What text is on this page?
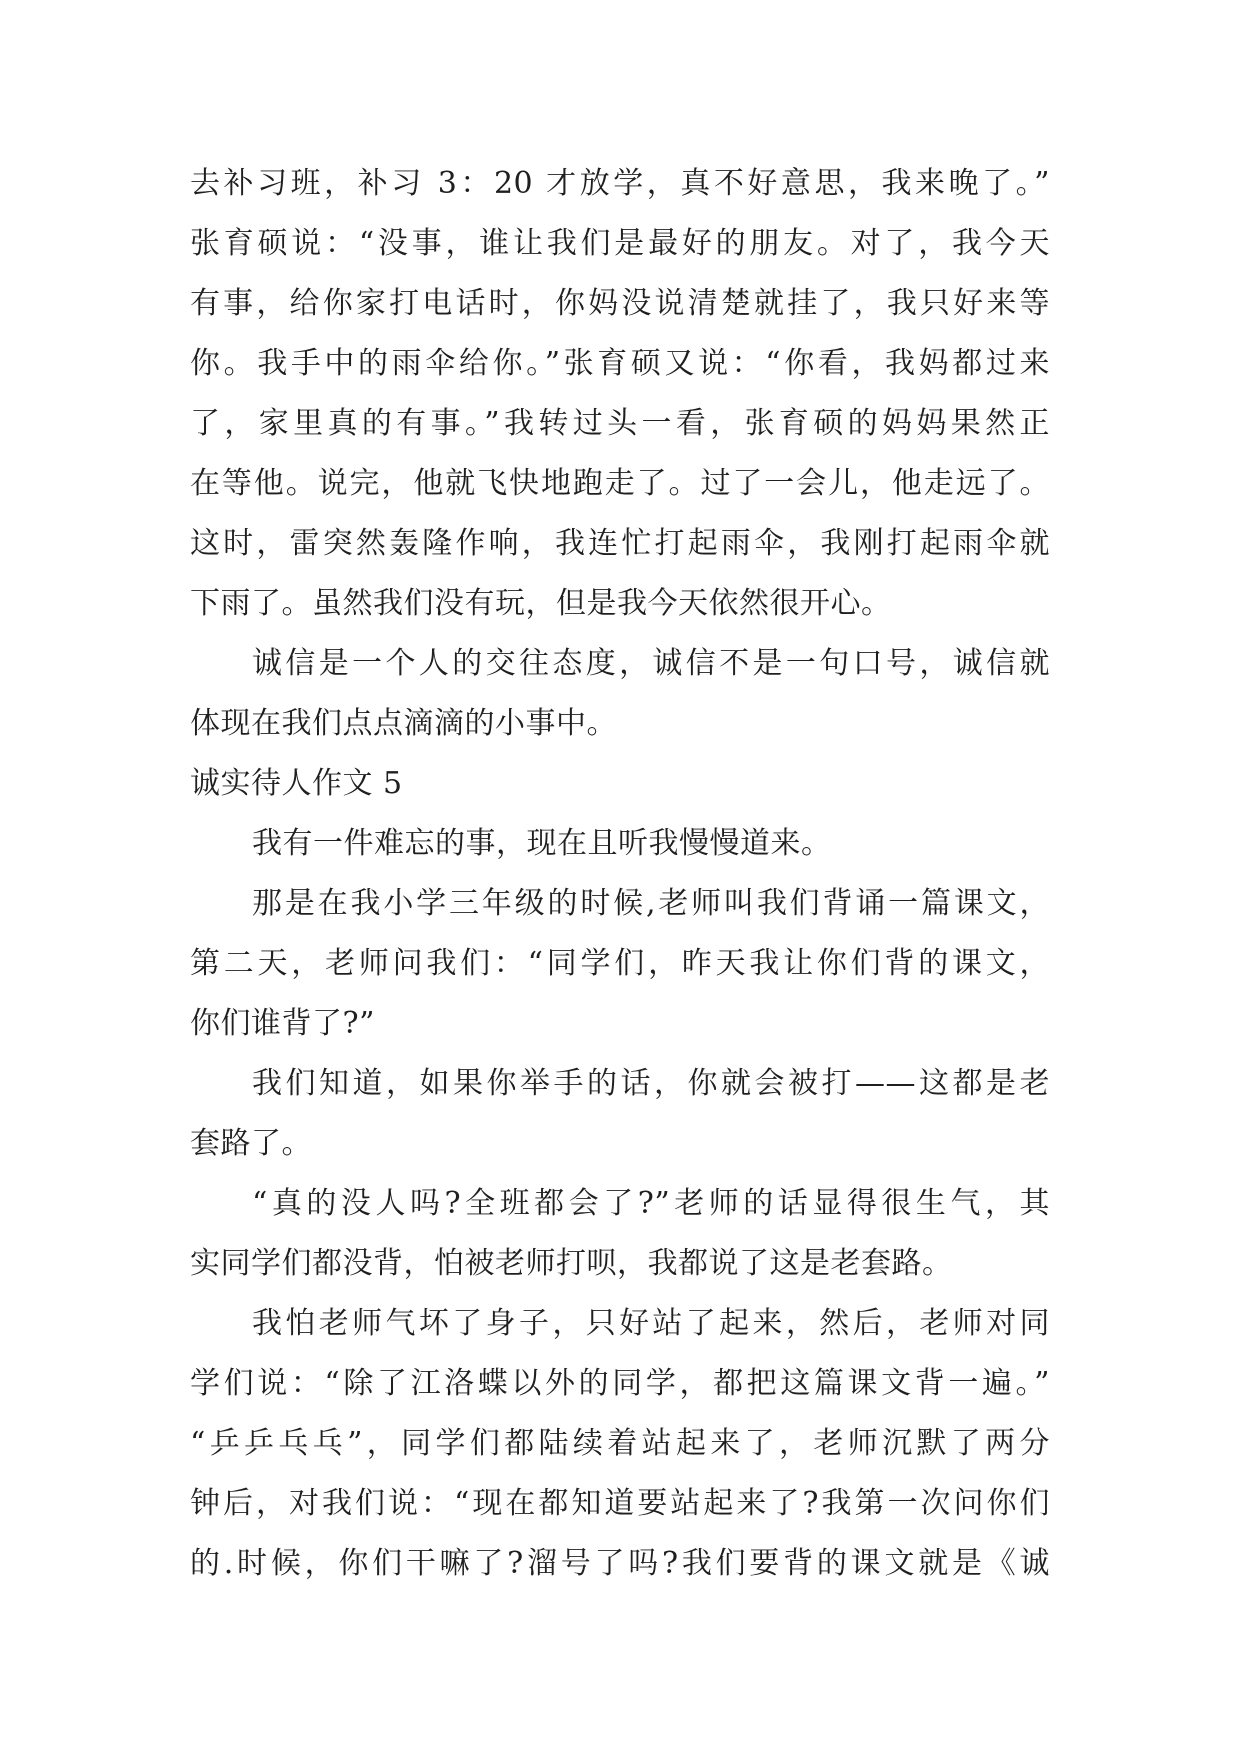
去补习班，补习 3：20 才放学，真不好意思，我来晚了。”
张育硕说：“没事，谁让我们是最好的朋友。对了，我今天
有事，给你家打电话时，你妈没说清楚就挂了，我只好来等
你。我手中的雨伞给你。”张育硕又说：“你看，我妈都过来
了，家里真的有事。”我转过头一看，张育硕的妈妈果然正
在等他。说完，他就飞快地跑走了。过了一会儿，他走远了。
这时，雷突然轰隆作响，我连忙打起雨伞，我刚打起雨伞就
下雨了。虽然我们没有玩，但是我今天依然很开心。
诚信是一个人的交往态度，诚信不是一句口号，诚信就
体现在我们点点滴滴的小事中。
诚实待人作文 5
我有一件难忘的事，现在且听我慢慢道来。
那是在我小学三年级的时候,老师叫我们背诵一篇课文，
第二天，老师问我们：“同学们，昨天我让你们背的课文，
你们谁背了?”
我们知道，如果你举手的话，你就会被打——这都是老
套路了。
“真的没人吗?全班都会了?”老师的话显得很生气，其
实同学们都没背，怕被老师打呗，我都说了这是老套路。
我怕老师气坏了身子，只好站了起来，然后，老师对同
学们说：“除了江洛蝶以外的同学，都把这篇课文背一遍。”
“乒乒乓乓”，同学们都陆续着站起来了，老师沉默了两分
钟后，对我们说：“现在都知道要站起来了?我第一次问你们
的.时候，你们干嘛了?溜号了吗?我们要背的课文就是《诚
